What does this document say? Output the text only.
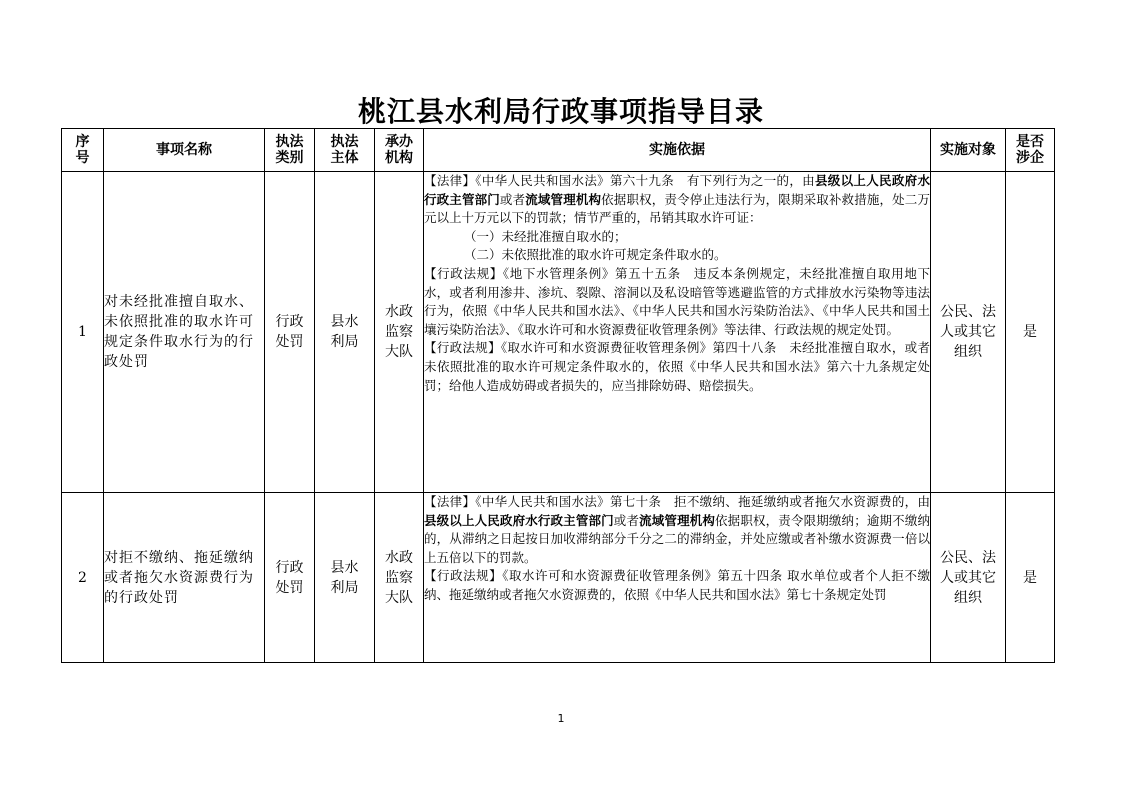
桃江县水利局行政事项指导目录
序号	事项名称	执法类别	执法主体	承办机构	实施依据	实施对象	是否涉企
1	对未经批准擅自取水、未依照批准的取水许可规定条件取水行为的行政处罚	行政处罚	县水利局	水政监察大队	【法律】《中华人民共和国水法》第六十九条　有下列行为之一的，由县级以上人民政府水行政主管部门或者流域管理机构依据职权，责令停止违法行为，限期采取补救措施，处二万元以上十万元以下的罚款；情节严重的，吊销其取水许可证：

（一）未经批准擅自取水的；

（二）未依照批准的取水许可规定条件取水的。

【行政法规】《地下水管理条例》第五十五条　违反本条例规定，未经批准擅自取用地下水，或者利用渗井、渗坑、裂隙、溶洞以及私设暗管等逃避监管的方式排放水污染物等违法行为，依照《中华人民共和国水法》、《中华人民共和国水污染防治法》、《中华人民共和国土壤污染防治法》、《取水许可和水资源费征收管理条例》等法律、行政法规的规定处罚。

【行政法规】《取水许可和水资源费征收管理条例》第四十八条　未经批准擅自取水，或者未依照批准的取水许可规定条件取水的，依照《中华人民共和国水法》第六十九条规定处罚；给他人造成妨碍或者损失的，应当排除妨碍、赔偿损失。	公民、法人或其它组织	是
2	对拒不缴纳、拖延缴纳或者拖欠水资源费行为的行政处罚	行政处罚	县水利局	水政监察大队	【法律】《中华人民共和国水法》第七十条　拒不缴纳、拖延缴纳或者拖欠水资源费的，由县级以上人民政府水行政主管部门或者流域管理机构依据职权，责令限期缴纳；逾期不缴纳的，从滞纳之日起按日加收滞纳部分千分之二的滞纳金，并处应缴或者补缴水资源费一倍以上五倍以下的罚款。

【行政法规】《取水许可和水资源费征收管理条例》第五十四条 取水单位或者个人拒不缴纳、拖延缴纳或者拖欠水资源费的，依照《中华人民共和国水法》第七十条规定处罚	公民、法人或其它组织	是
1
